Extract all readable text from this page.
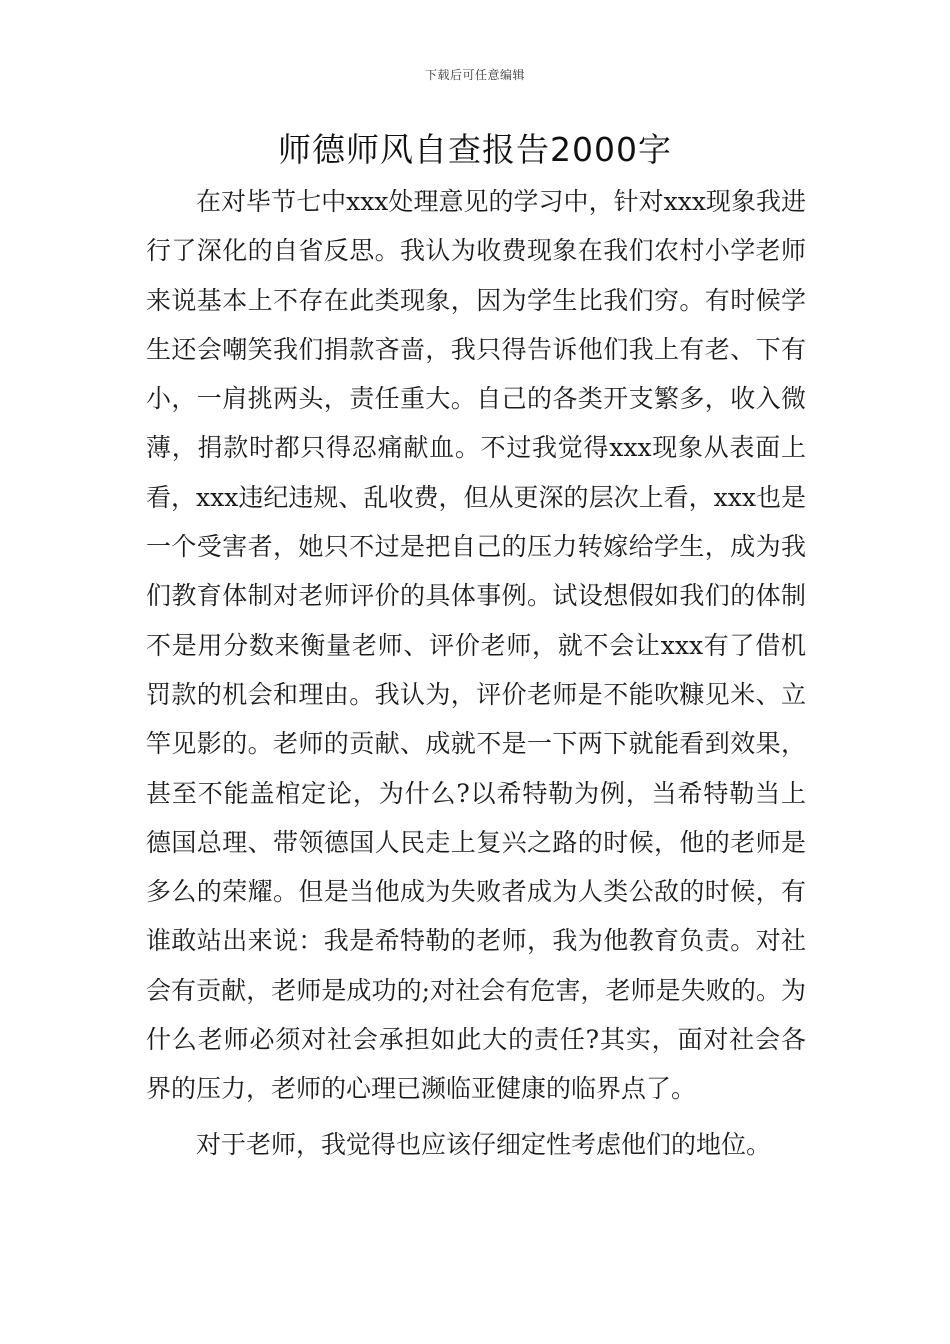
下载后可任意编辑
师德师风自查报告2000字

在对毕节七中xxx处理意见的学习中，针对xxx现象我进行了深化的自省反思。我认为收费现象在我们农村小学老师来说基本上不存在此类现象，因为学生比我们穷。有时候学生还会嘲笑我们捐款吝啬，我只得告诉他们我上有老、下有小，一肩挑两头，责任重大。自己的各类开支繁多，收入微薄，捐款时都只得忍痛献血。不过我觉得xxx现象从表面上看，xxx违纪违规、乱收费，但从更深的层次上看，xxx也是一个受害者，她只不过是把自己的压力转嫁给学生，成为我们教育体制对老师评价的具体事例。试设想假如我们的体制不是用分数来衡量老师、评价老师，就不会让xxx有了借机罚款的机会和理由。我认为，评价老师是不能吹糠见米、立竿见影的。老师的贡献、成就不是一下两下就能看到效果，甚至不能盖棺定论，为什么?以希特勒为例，当希特勒当上德国总理、带领德国人民走上复兴之路的时候，他的老师是多么的荣耀。但是当他成为失败者成为人类公敌的时候，有谁敢站出来说：我是希特勒的老师，我为他教育负责。对社会有贡献，老师是成功的;对社会有危害，老师是失败的。为什么老师必须对社会承担如此大的责任?其实，面对社会各界的压力，老师的心理已濒临亚健康的临界点了。

对于老师，我觉得也应该仔细定性考虑他们的地位。
